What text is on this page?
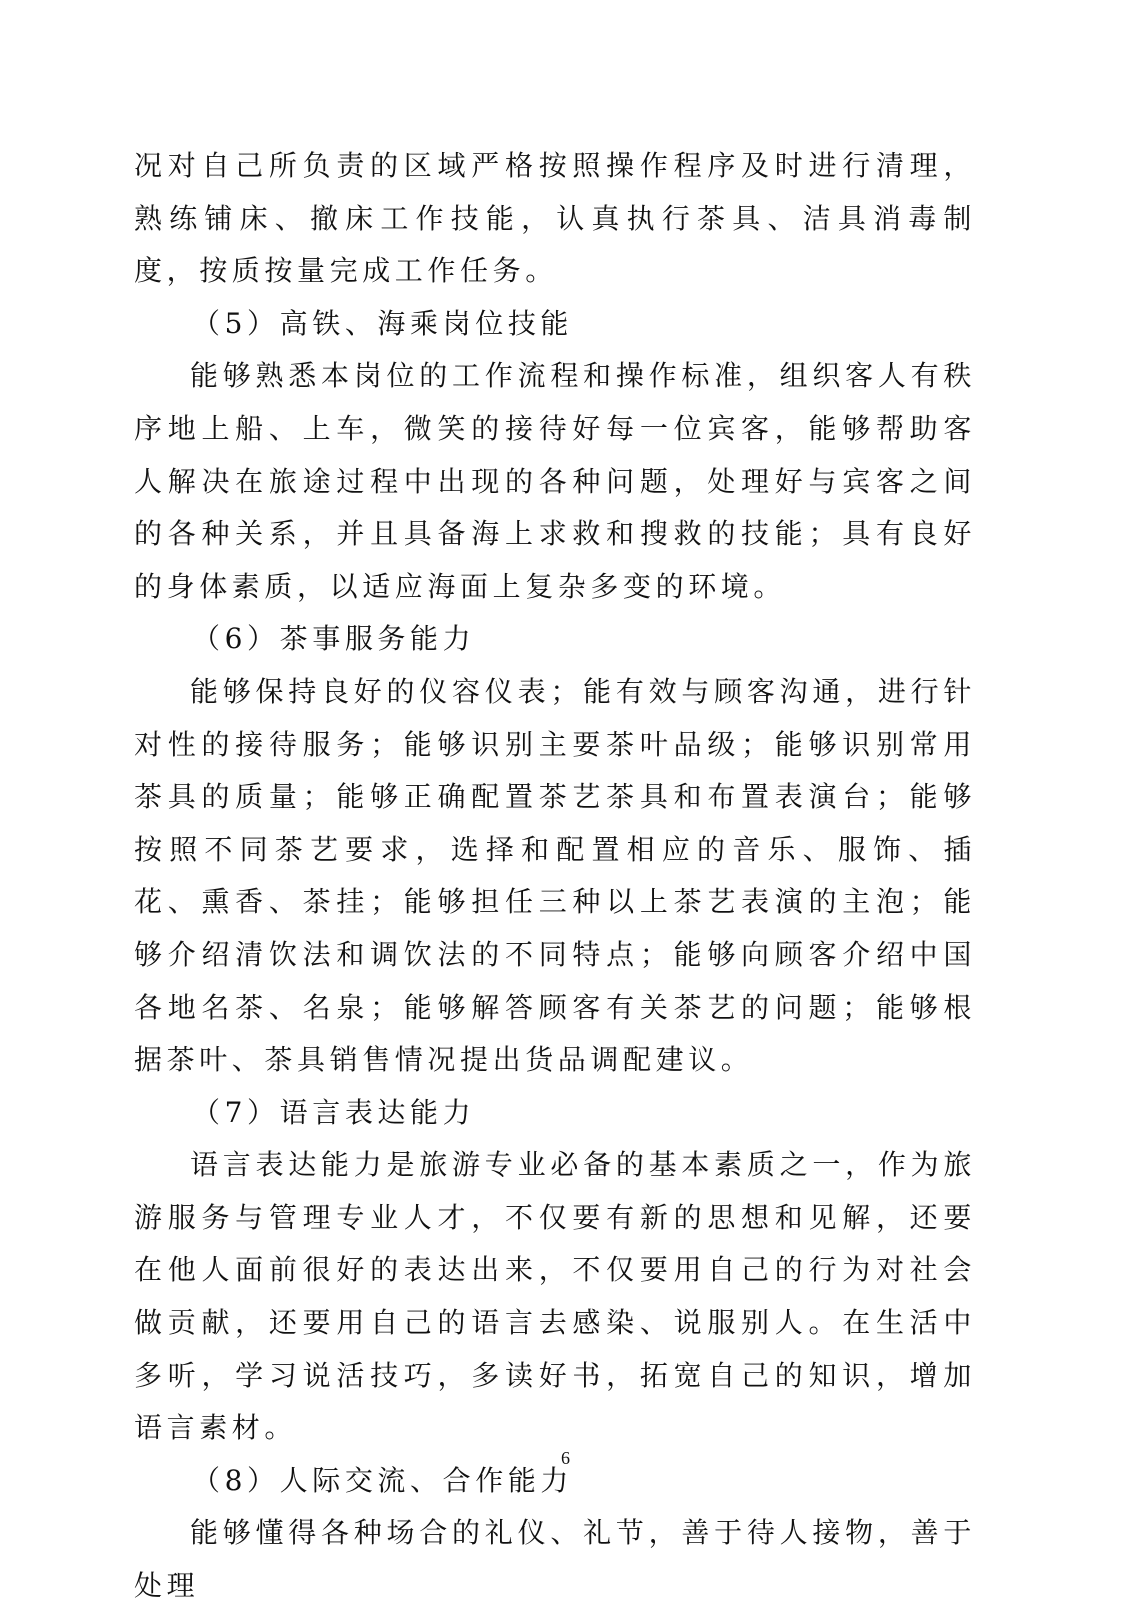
况对自己所负责的区域严格按照操作程序及时进行清理，熟练铺床、撤床工作技能，认真执行茶具、洁具消毒制度，按质按量完成工作任务。

（5）高铁、海乘岗位技能

能够熟悉本岗位的工作流程和操作标准，组织客人有秩序地上船、上车，微笑的接待好每一位宾客，能够帮助客人解决在旅途过程中出现的各种问题，处理好与宾客之间的各种关系，并且具备海上求救和搜救的技能；具有良好的身体素质，以适应海面上复杂多变的环境。

（6）茶事服务能力

能够保持良好的仪容仪表；能有效与顾客沟通，进行针对性的接待服务；能够识别主要茶叶品级；能够识别常用茶具的质量；能够正确配置茶艺茶具和布置表演台；能够按照不同茶艺要求，选择和配置相应的音乐、服饰、插花、熏香、茶挂；能够担任三种以上茶艺表演的主泡；能够介绍清饮法和调饮法的不同特点；能够向顾客介绍中国各地名茶、名泉；能够解答顾客有关茶艺的问题；能够根据茶叶、茶具销售情况提出货品调配建议。

（7）语言表达能力

语言表达能力是旅游专业必备的基本素质之一，作为旅游服务与管理专业人才，不仅要有新的思想和见解，还要在他人面前很好的表达出来，不仅要用自己的行为对社会做贡献，还要用自己的语言去感染、说服别人。在生活中多听，学习说活技巧，多读好书，拓宽自己的知识，增加语言素材。

（8）人际交流、合作能力

能够懂得各种场合的礼仪、礼节，善于待人接物，善于处理

6
